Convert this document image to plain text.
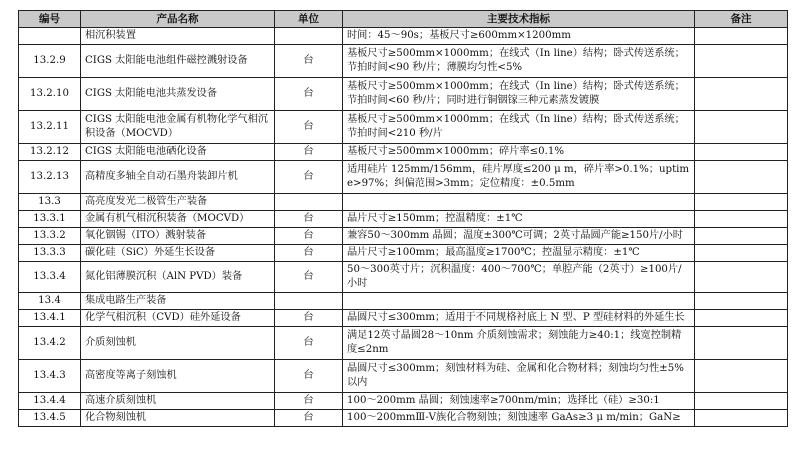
编号	产品名称	单位	主要技术指标	备注
	相沉积装置		时间：45～90s；基板尺寸≥600mm×1200mm	
13.2.9	CIGS 太阳能电池组件磁控溅射设备	台	基板尺寸≥500mm×1000mm；在线式（In line）结构；卧式传送系统；节拍时间<90 秒/片；薄膜均匀性<5%	
13.2.10	CIGS 太阳能电池共蒸发设备	台	基板尺寸≥500mm×1000mm；在线式（In line）结构；卧式传送系统；节拍时间<60 秒/片；同时进行铜铟镓三种元素蒸发镀膜	
13.2.11	CIGS 太阳能电池金属有机物化学气相沉积设备（MOCVD）	台	基板尺寸≥500mm×1000mm；在线式（In line）结构；卧式传送系统；节拍时间<210 秒/片	
13.2.12	CIGS 太阳能电池硒化设备	台	基板尺寸≥500mm×1000mm；碎片率≤0.1%	
13.2.13	高精度多轴全自动石墨舟装卸片机	台	适用硅片 125mm/156mm，硅片厚度≤200 μ m，碎片率>0.1%；uptime>97%；纠偏范围>3mm；定位精度：±0.5mm	
13.3	高亮度发光二极管生产装备			
13.3.1	金属有机气相沉积装备（MOCVD）	台	晶片尺寸≥150mm；控温精度：±1℃	
13.3.2	氧化铟锡（ITO）溅射装备	台	兼容50～300mm 晶圆；温度±300℃可调；2英寸晶圆产能≥150片/小时	
13.3.3	碳化硅（SiC）外延生长设备	台	晶片尺寸≥100mm；最高温度≥1700℃；控温显示精度：±1℃	
13.3.4	氮化铝薄膜沉积（AlN PVD）装备	台	50～300英寸片；沉积温度：400～700℃；单腔产能（2英寸）≥100片/小时	
13.4	集成电路生产装备			
13.4.1	化学气相沉积（CVD）硅外延设备	台	晶圆尺寸≤300mm；适用于不同规格衬底上 N 型、P 型硅材料的外延生长	
13.4.2	介质刻蚀机	台	满足12英寸晶圆28～10nm 介质刻蚀需求；刻蚀能力≥40:1；线宽控制精度≤2nm	
13.4.3	高密度等离子刻蚀机	台	晶圆尺寸≤300mm；刻蚀材料为硅、金属和化合物材料；刻蚀均匀性±5%以内	
13.4.4	高速介质刻蚀机	台	100～200mm 晶圆；刻蚀速率≥700nm/min；选择比（硅）≥30:1	
13.4.5	化合物刻蚀机	台	100～200mmⅢ-Ⅴ族化合物刻蚀；刻蚀速率 GaAs≥3 μ m/min；GaN≥	
